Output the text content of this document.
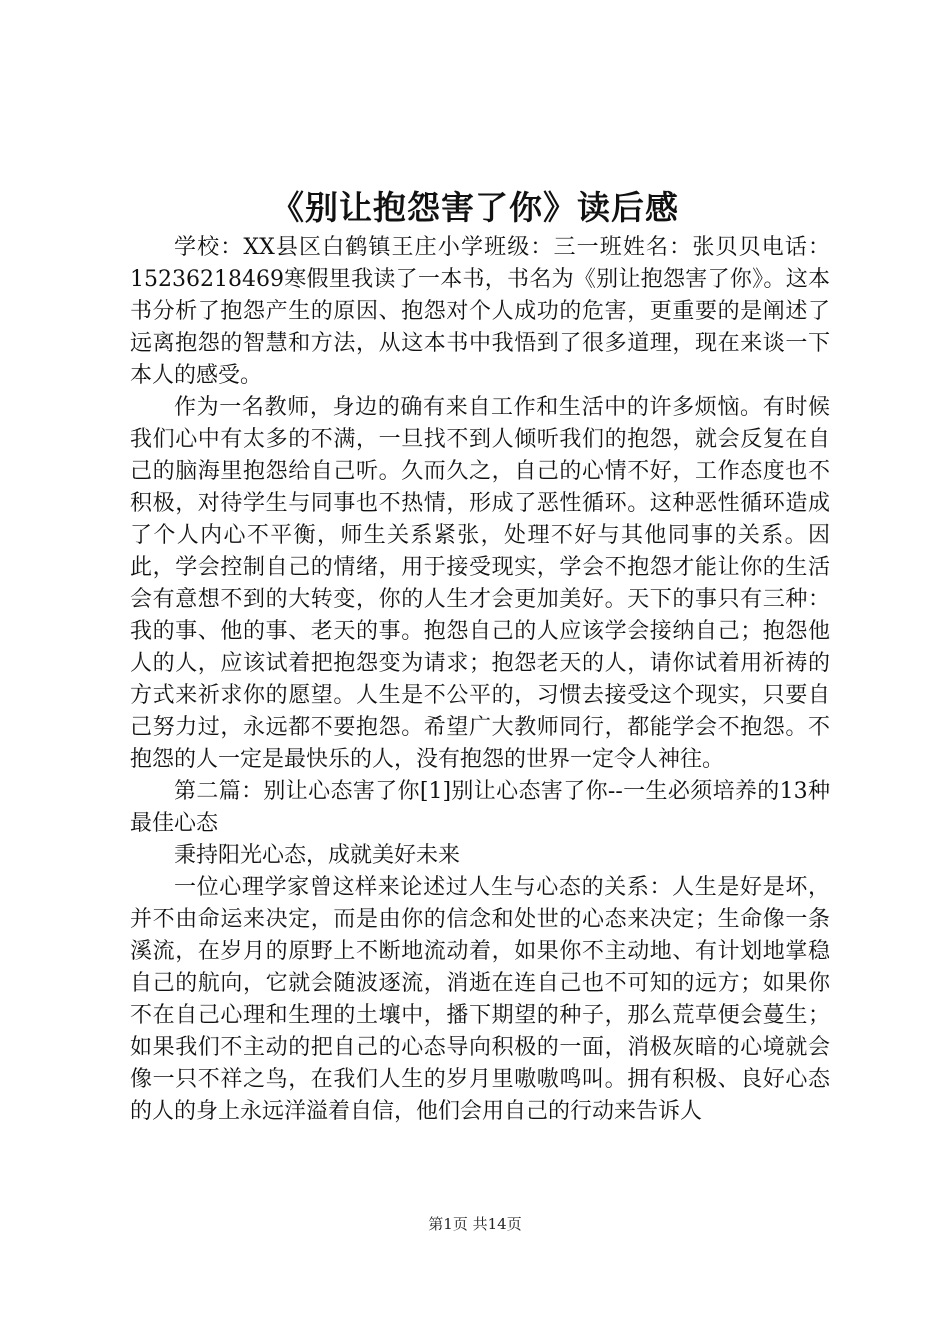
《别让抱怨害了你》读后感

学校：XX县区白鹤镇王庄小学班级：三一班姓名：张贝贝电话：15236218469寒假里我读了一本书，书名为《别让抱怨害了你》。这本书分析了抱怨产生的原因、抱怨对个人成功的危害，更重要的是阐述了远离抱怨的智慧和方法，从这本书中我悟到了很多道理，现在来谈一下本人的感受。

作为一名教师，身边的确有来自工作和生活中的许多烦恼。有时候我们心中有太多的不满，一旦找不到人倾听我们的抱怨，就会反复在自己的脑海里抱怨给自己听。久而久之，自己的心情不好，工作态度也不积极，对待学生与同事也不热情，形成了恶性循环。这种恶性循环造成了个人内心不平衡，师生关系紧张，处理不好与其他同事的关系。因此，学会控制自己的情绪，用于接受现实，学会不抱怨才能让你的生活会有意想不到的大转变，你的人生才会更加美好。天下的事只有三种：我的事、他的事、老天的事。抱怨自己的人应该学会接纳自己；抱怨他人的人，应该试着把抱怨变为请求；抱怨老天的人，请你试着用祈祷的方式来祈求你的愿望。人生是不公平的，习惯去接受这个现实，只要自己努力过，永远都不要抱怨。希望广大教师同行，都能学会不抱怨。不抱怨的人一定是最快乐的人，没有抱怨的世界一定令人神往。

第二篇：别让心态害了你[1]别让心态害了你--一生必须培养的13种最佳心态

秉持阳光心态，成就美好未来

一位心理学家曾这样来论述过人生与心态的关系：人生是好是坏，并不由命运来决定，而是由你的信念和处世的心态来决定；生命像一条溪流，在岁月的原野上不断地流动着，如果你不主动地、有计划地掌稳自己的航向，它就会随波逐流，消逝在连自己也不可知的远方；如果你不在自己心理和生理的土壤中，播下期望的种子，那么荒草便会蔓生；如果我们不主动的把自己的心态导向积极的一面，消极灰暗的心境就会像一只不祥之鸟，在我们人生的岁月里嗷嗷鸣叫。拥有积极、良好心态的人的身上永远洋溢着自信，他们会用自己的行动来告诉人

第1页 共14页
